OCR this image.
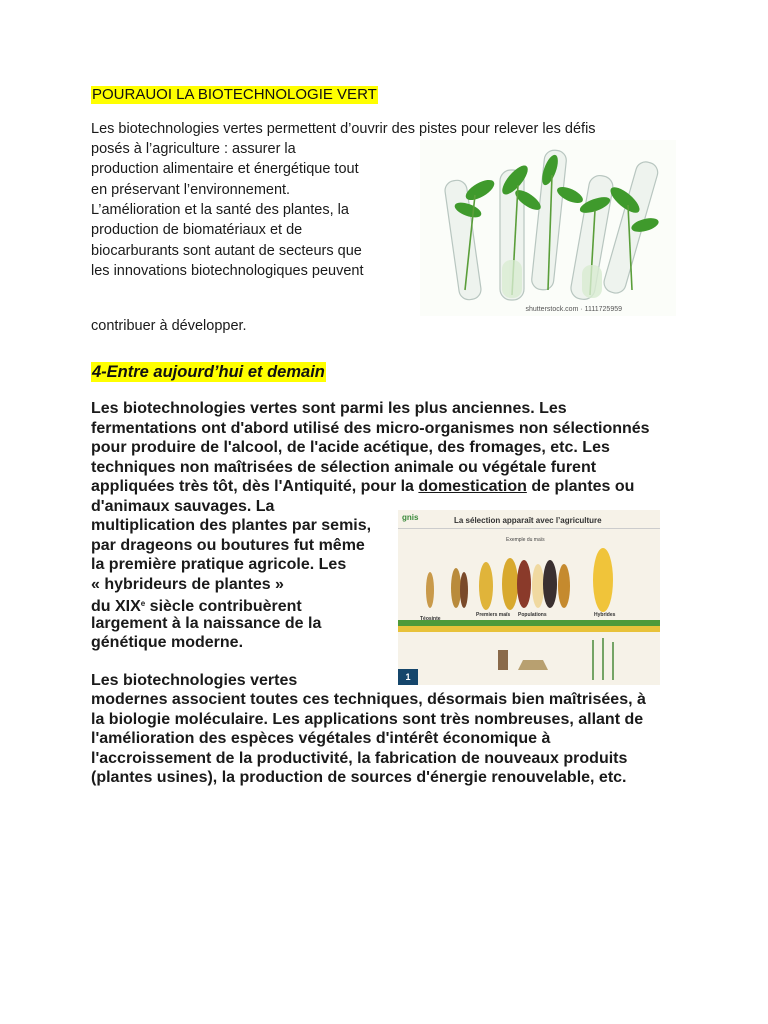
POURAUOI LA BIOTECHNOLOGIE VERT
Les biotechnologies vertes permettent d’ouvrir des pistes pour relever les défis
posés à l’agriculture : assurer la
production alimentaire et énergétique tout
en préservant l’environnement.
L’amélioration et la santé des plantes, la
production de biomatériaux et de
biocarburants sont autant de secteurs que
les innovations biotechnologiques peuvent
contribuer à développer.
shutterstock.com · 1111725959
4-Entre aujourd’hui et demain
Les biotechnologies vertes sont parmi les plus anciennes. Les
fermentations ont d'abord utilisé des micro-organismes non sélectionnés
pour produire de l'alcool, de l'acide acétique, des fromages, etc. Les
techniques non maîtrisées de sélection animale ou végétale furent
appliquées très tôt, dès l'Antiquité, pour la domestication de plantes ou
d'animaux sauvages. La
multiplication des plantes par semis,
par drageons ou boutures fut même
la première pratique agricole. Les
« hybrideurs de plantes »
du XIXe siècle contribuèrent
largement à la naissance de la
génétique moderne.
gnis	La sélection apparaît avec l’agriculture
Exemple du maïs
Téosinte
Premiers maïs Populations	Hybrides
1
Les biotechnologies vertes
modernes associent toutes ces techniques, désormais bien maîtrisées, à
la biologie moléculaire. Les applications sont très nombreuses, allant de
l'amélioration des espèces végétales d'intérêt économique à
l'accroissement de la productivité, la fabrication de nouveaux produits
(plantes usines), la production de sources d'énergie renouvelable, etc.
